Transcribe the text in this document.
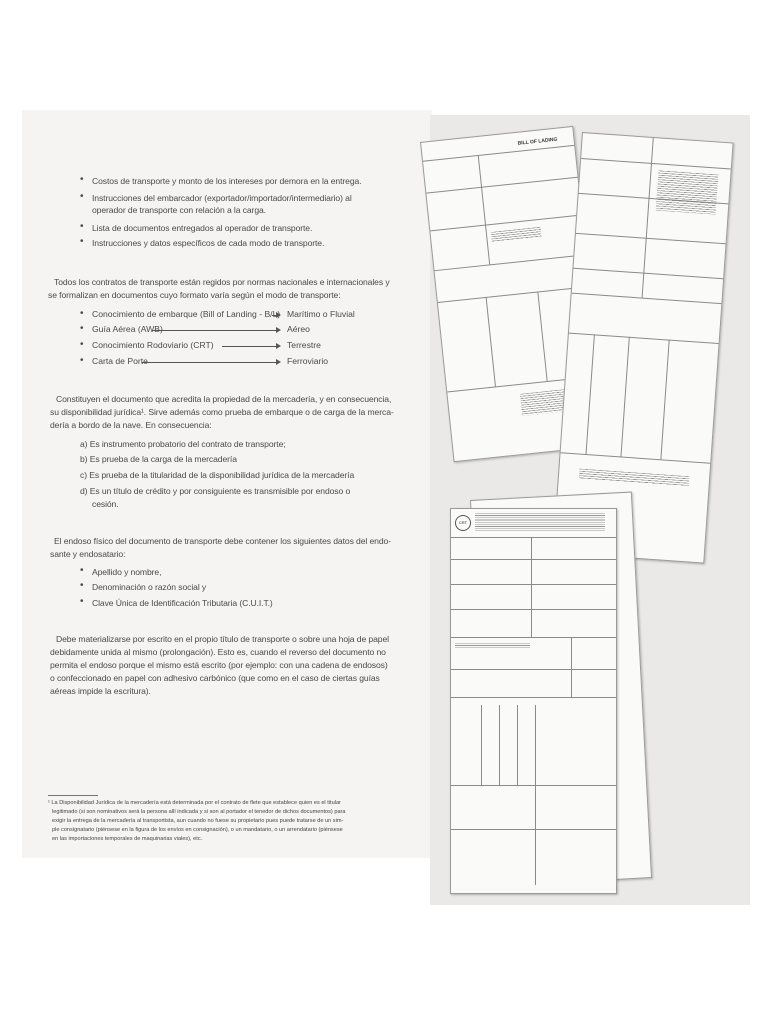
• Costos de transporte y monto de los intereses por demora en la entrega.
• Instrucciones del embarcador (exportador/importador/intermediario) al
operador de transporte con relación a la carga.
• Lista de documentos entregados al operador de transporte.
• Instrucciones y datos específicos de cada modo de transporte.
Todos los contratos de transporte están regidos por normas nacionales e internacionales y
se formalizan en documentos cuyo formato varía según el modo de transporte:
• Conocimiento de embarque (Bill of Landing - B/L) Marítimo o Fluvial
• Guía Aérea (AWB)	Aéreo
• Conocimiento Rodoviario (CRT)	Terrestre
• Carta de Porte	Ferroviario
Constituyen el documento que acredita la propiedad de la mercadería, y en consecuencia,
su disponibilidad jurídica¹. Sirve además como prueba de embarque o de carga de la merca-
dería a bordo de la nave. En consecuencia:
a) Es instrumento probatorio del contrato de transporte;
b) Es prueba de la carga de la mercadería
c) Es prueba de la titularidad de la disponibilidad jurídica de la mercadería
d) Es un título de crédito y por consiguiente es transmisible por endoso o
cesión.
El endoso físico del documento de transporte debe contener los siguientes datos del endo-
sante y endosatario:
• Apellido y nombre,
• Denominación o razón social y
• Clave Única de Identificación Tributaria (C.U.I.T.)
Debe materializarse por escrito en el propio título de transporte o sobre una hoja de papel
debidamente unida al mismo (prolongación). Esto es, cuando el reverso del documento no
permita el endoso porque el mismo está escrito (por ejemplo: con una cadena de endosos)
o confeccionado en papel con adhesivo carbónico (que como en el caso de ciertas guías
aéreas impide la escritura).
¹ La Disponibilidad Jurídica de la mercadería está determinada por el contrato de flete que establece quien es el titular
legitimado (si son nominativos será la persona allí indicada y si son al portador el tenedor de dichos documentos) para
exigir la entrega de la mercadería al transportista, aun cuando no fuese su propietario pues puede tratarse de un sim-
ple consignatario (piénsese en la figura de los envíos en consignación), o un mandatario, o un arrendatario (piénsese
en las importaciones temporales de maquinarias viales), etc.
BILL OF LADING
CRT
